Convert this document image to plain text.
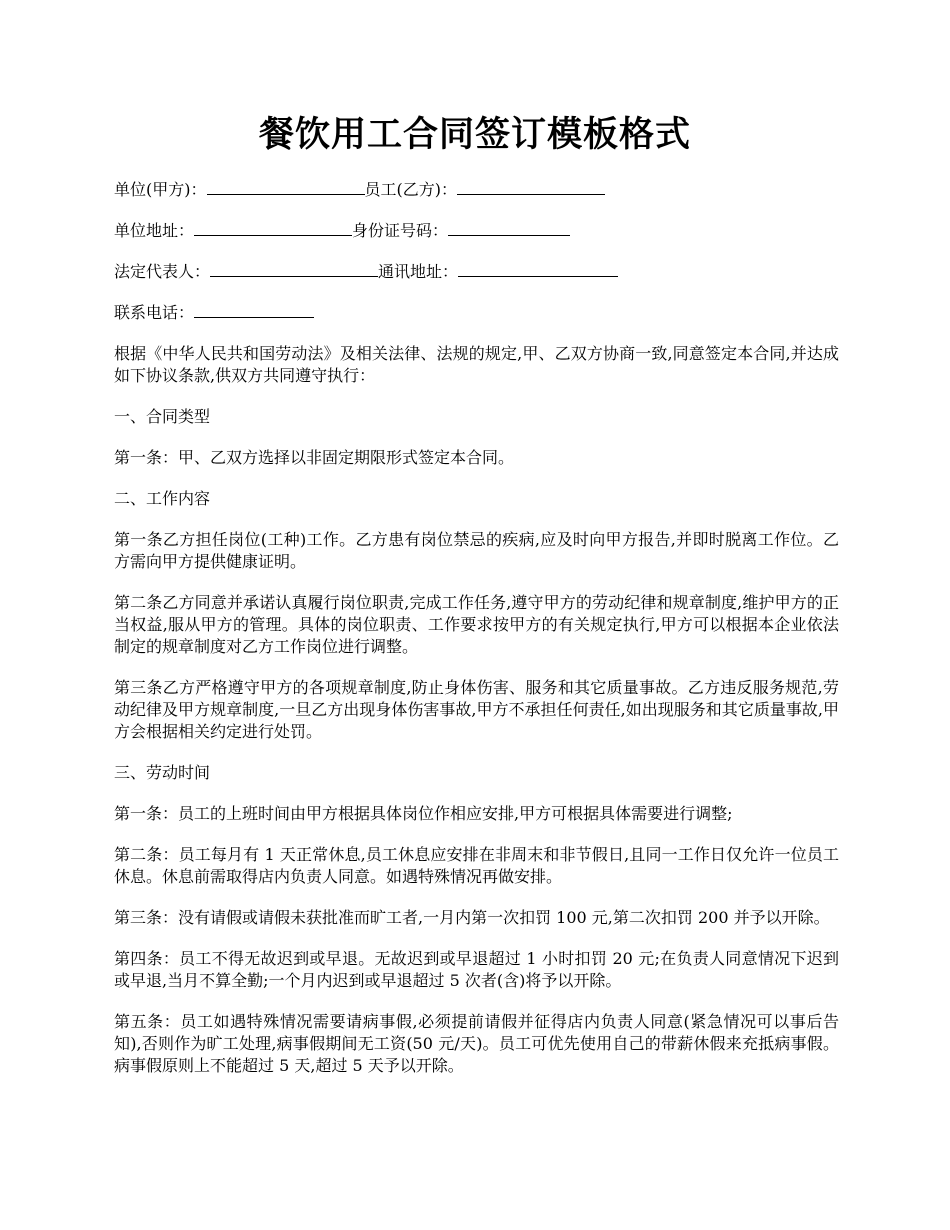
餐饮用工合同签订模板格式
单位(甲方)：	员工(乙方)：
单位地址：	身份证号码：
法定代表人：	通讯地址：
联系电话：
根据《中华人民共和国劳动法》及相关法律、法规的规定,甲、乙双方协商一致,同意签定本合同,并达成如下协议条款,供双方共同遵守执行：
一、合同类型
第一条：甲、乙双方选择以非固定期限形式签定本合同。
二、工作内容
第一条乙方担任岗位(工种)工作。乙方患有岗位禁忌的疾病,应及时向甲方报告,并即时脱离工作位。乙方需向甲方提供健康证明。
第二条乙方同意并承诺认真履行岗位职责,完成工作任务,遵守甲方的劳动纪律和规章制度,维护甲方的正当权益,服从甲方的管理。具体的岗位职责、工作要求按甲方的有关规定执行,甲方可以根据本企业依法制定的规章制度对乙方工作岗位进行调整。
第三条乙方严格遵守甲方的各项规章制度,防止身体伤害、服务和其它质量事故。乙方违反服务规范,劳动纪律及甲方规章制度,一旦乙方出现身体伤害事故,甲方不承担任何责任,如出现服务和其它质量事故,甲方会根据相关约定进行处罚。
三、劳动时间
第一条：员工的上班时间由甲方根据具体岗位作相应安排,甲方可根据具体需要进行调整;
第二条：员工每月有 1 天正常休息,员工休息应安排在非周末和非节假日,且同一工作日仅允许一位员工休息。休息前需取得店内负责人同意。如遇特殊情况再做安排。
第三条：没有请假或请假未获批准而旷工者,一月内第一次扣罚 100 元,第二次扣罚 200 并予以开除。
第四条：员工不得无故迟到或早退。无故迟到或早退超过 1 小时扣罚 20 元;在负责人同意情况下迟到或早退,当月不算全勤;一个月内迟到或早退超过 5 次者(含)将予以开除。
第五条：员工如遇特殊情况需要请病事假,必须提前请假并征得店内负责人同意(紧急情况可以事后告知),否则作为旷工处理,病事假期间无工资(50 元/天)。员工可优先使用自己的带薪休假来充抵病事假。病事假原则上不能超过 5 天,超过 5 天予以开除。
